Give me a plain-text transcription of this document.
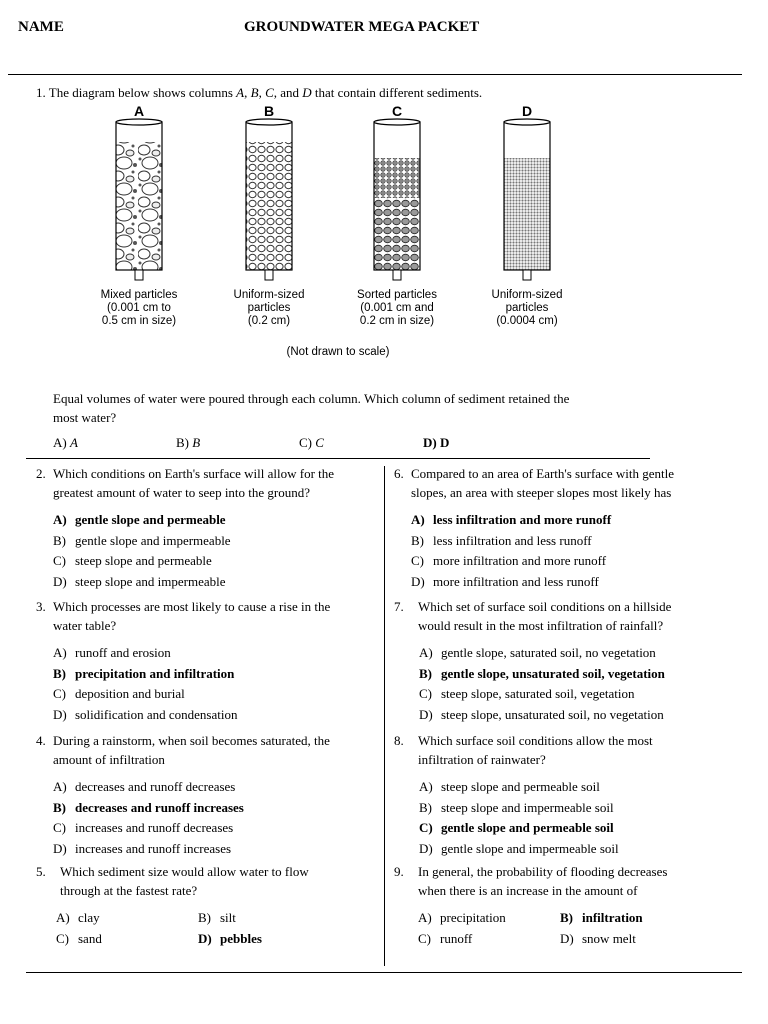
NAME	GROUNDWATER MEGA PACKET
1. The diagram below shows columns A, B, C, and D that contain different sediments.
A	B	C	D
Mixed particles
(0.001 cm to
0.5 cm in size)
Uniform-sized
particles
(0.2 cm)
Sorted particles
(0.001 cm and
0.2 cm in size)
Uniform-sized
particles
(0.0004 cm)
(Not drawn to scale)
Equal volumes of water were poured through each column. Which column of sediment retained the
most water?
A) A	B) B	C) C	D) D
2. Which conditions on Earth's surface will allow for the
greatest amount of water to seep into the ground?
A) gentle slope and permeable
B) gentle slope and impermeable
C) steep slope and permeable
D) steep slope and impermeable
3. Which processes are most likely to cause a rise in the
water table?
A) runoff and erosion
B) precipitation and infiltration
C) deposition and burial
D) solidification and condensation
4. During a rainstorm, when soil becomes saturated, the
amount of infiltration
A) decreases and runoff decreases
B) decreases and runoff increases
C) increases and runoff decreases
D) increases and runoff increases
5. Which sediment size would allow water to flow
through at the fastest rate?
A) clay	B) silt
C) sand	D) pebbles
6. Compared to an area of Earth's surface with gentle
slopes, an area with steeper slopes most likely has
A) less infiltration and more runoff
B) less infiltration and less runoff
C) more infiltration and more runoff
D) more infiltration and less runoff
7. Which set of surface soil conditions on a hillside
would result in the most infiltration of rainfall?
A) gentle slope, saturated soil, no vegetation
B) gentle slope, unsaturated soil, vegetation
C) steep slope, saturated soil, vegetation
D) steep slope, unsaturated soil, no vegetation
8. Which surface soil conditions allow the most
infiltration of rainwater?
A) steep slope and permeable soil
B) steep slope and impermeable soil
C) gentle slope and permeable soil
D) gentle slope and impermeable soil
9. In general, the probability of flooding decreases
when there is an increase in the amount of
A) precipitation	B) infiltration
C) runoff	D) snow melt
